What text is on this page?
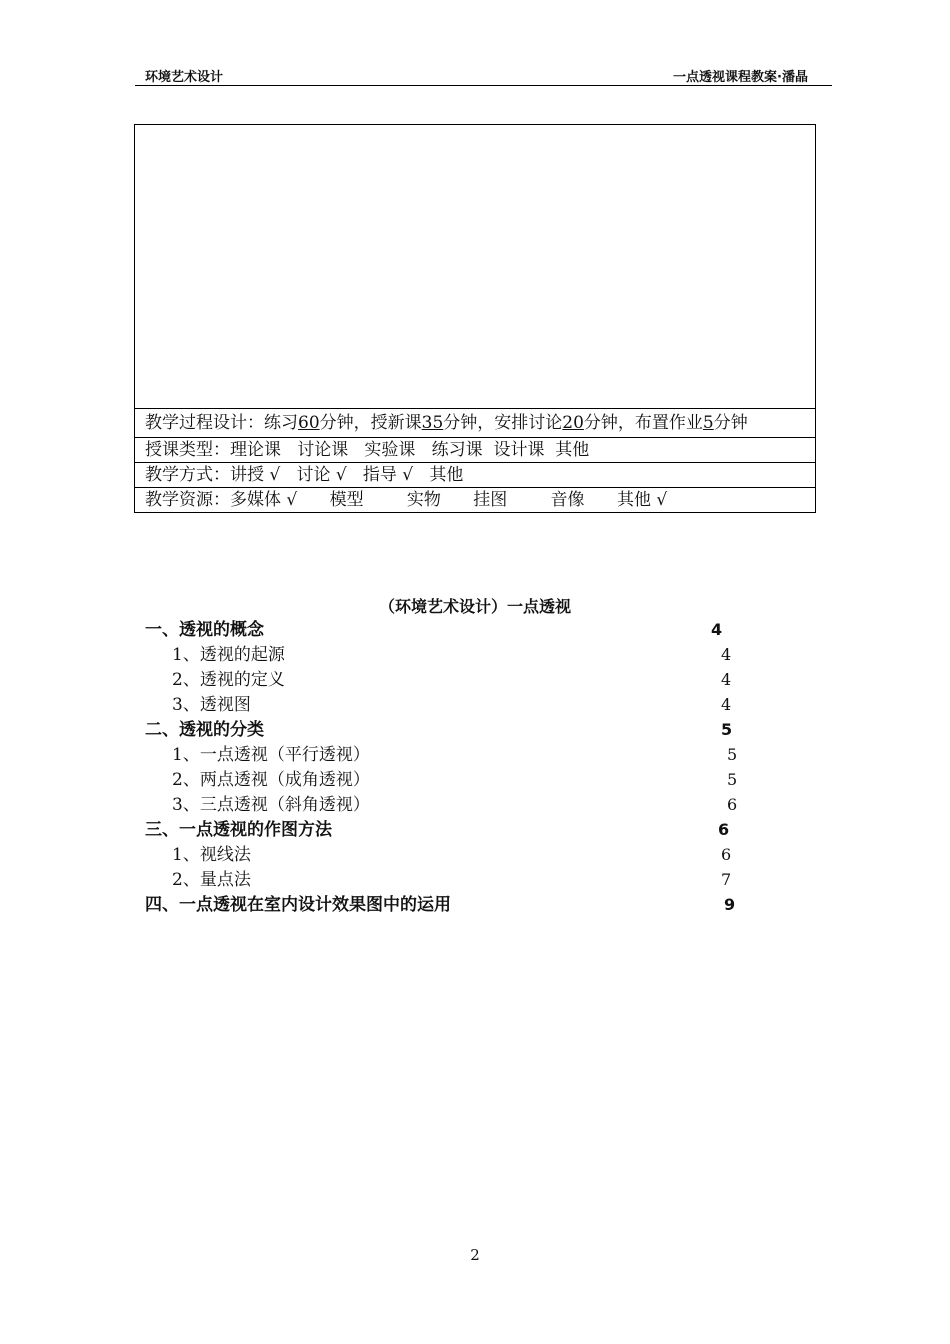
环境艺术设计	一点透视课程教案·潘晶
教学过程设计：练习60分钟，授新课35分钟，安排讨论20分钟，布置作业5分钟
授课类型：理论课   讨论课   实验课   练习课  设计课  其他
教学方式：讲授 √   讨论 √   指导 √   其他
教学资源：多媒体 √      模型        实物      挂图        音像      其他 √
（环境艺术设计）一点透视
一、透视的概念	4
1、透视的起源	4
2、透视的定义	4
3、透视图	4
二、透视的分类	5
1、一点透视（平行透视）	5
2、两点透视（成角透视）	5
3、三点透视（斜角透视）	6
三、一点透视的作图方法	6
1、视线法	6
2、量点法	7
四、一点透视在室内设计效果图中的运用	9
2
